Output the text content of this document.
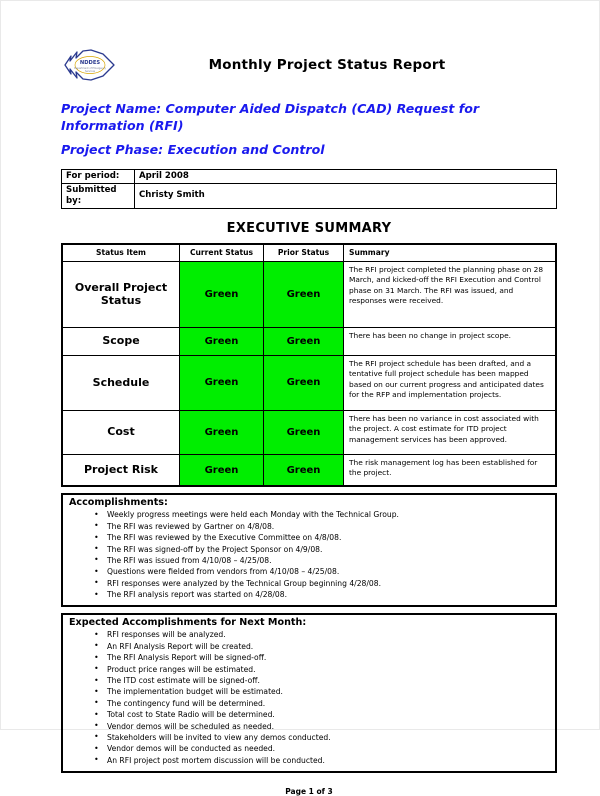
NDDES
Department of Emergency
Services	Monthly Project Status Report
Project Name: Computer Aided Dispatch (CAD) Request for Information (RFI)
Project Phase: Execution and Control
For period:	April 2008
Submitted by:	Christy Smith
EXECUTIVE SUMMARY
Status Item	Current Status	Prior Status	Summary
Overall Project Status	Green	Green	The RFI project completed the planning phase on 28 March, and kicked-off the RFI Execution and Control phase on 31 March. The RFI was issued, and responses were received.
Scope	Green	Green	There has been no change in project scope.
Schedule	Green	Green	The RFI project schedule has been drafted, and a tentative full project schedule has been mapped based on our current progress and anticipated dates for the RFP and implementation projects.
Cost	Green	Green	There has been no variance in cost associated with the project. A cost estimate for ITD project management services has been approved.
Project Risk	Green	Green	The risk management log has been established for the project.
Accomplishments:
• Weekly progress meetings were held each Monday with the Technical Group.
• The RFI was reviewed by Gartner on 4/8/08.
• The RFI was reviewed by the Executive Committee on 4/8/08.
• The RFI was signed-off by the Project Sponsor on 4/9/08.
• The RFI was issued from 4/10/08 – 4/25/08.
• Questions were fielded from vendors from 4/10/08 – 4/25/08.
• RFI responses were analyzed by the Technical Group beginning 4/28/08.
• The RFI analysis report was started on 4/28/08.
Expected Accomplishments for Next Month:
• RFI responses will be analyzed.
• An RFI Analysis Report will be created.
• The RFI Analysis Report will be signed-off.
• Product price ranges will be estimated.
• The ITD cost estimate will be signed-off.
• The implementation budget will be estimated.
• The contingency fund will be determined.
• Total cost to State Radio will be determined.
• Vendor demos will be scheduled as needed.
• Stakeholders will be invited to view any demos conducted.
• Vendor demos will be conducted as needed.
• An RFI project post mortem discussion will be conducted.
Page 1 of 3
